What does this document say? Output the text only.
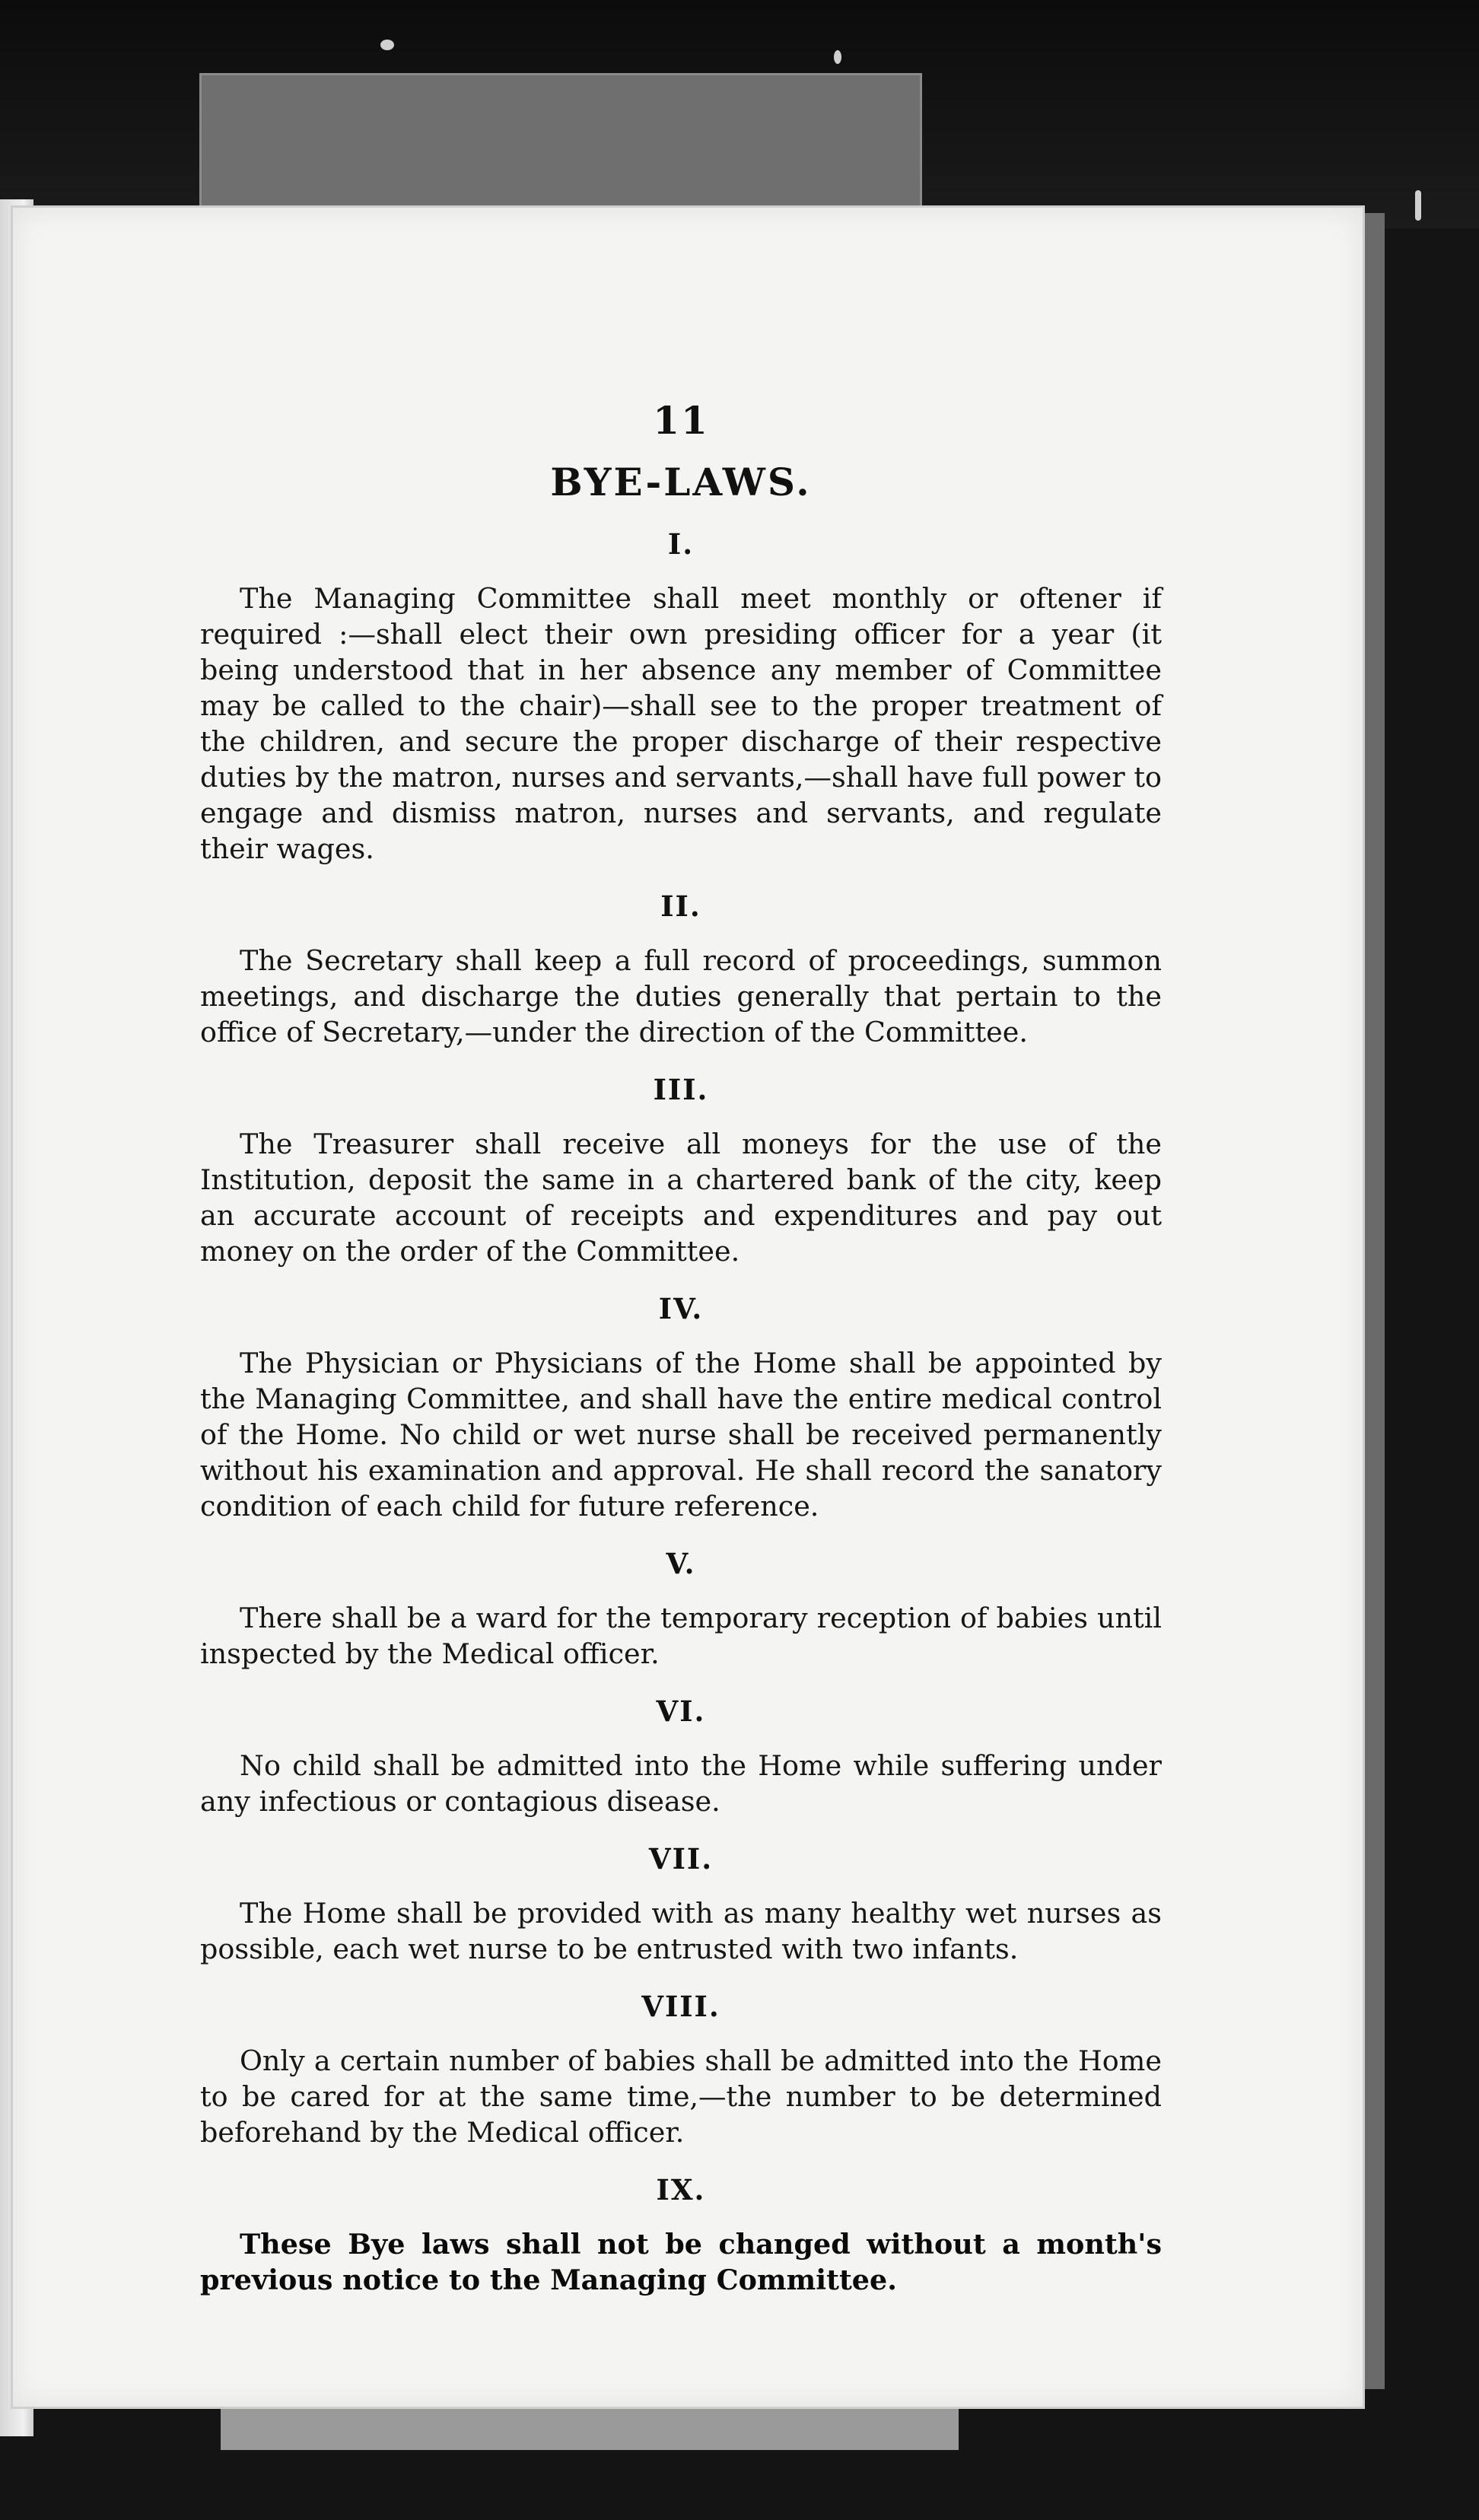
11
BYE-LAWS.
I.

The Managing Committee shall meet monthly or oftener if required :—shall elect their own presiding officer for a year (it being understood that in her absence any member of Committee may be called to the chair)—shall see to the proper treatment of the children, and secure the proper discharge of their respective duties by the matron, nurses and servants,—shall have full power to engage and dismiss matron, nurses and servants, and regulate their wages.

II.

The Secretary shall keep a full record of proceedings, summon meetings, and discharge the duties generally that pertain to the office of Secretary,—under the direction of the Committee.

III.

The Treasurer shall receive all moneys for the use of the Institution, deposit the same in a chartered bank of the city, keep an accurate account of receipts and expenditures and pay out money on the order of the Committee.

IV.

The Physician or Physicians of the Home shall be appointed by the Managing Committee, and shall have the entire medical control of the Home. No child or wet nurse shall be received permanently without his examination and approval. He shall record the sanatory condition of each child for future reference.

V.

There shall be a ward for the temporary reception of babies until inspected by the Medical officer.

VI.

No child shall be admitted into the Home while suffering under any infectious or contagious disease.

VII.

The Home shall be provided with as many healthy wet nurses as possible, each wet nurse to be entrusted with two infants.

VIII.

Only a certain number of babies shall be admitted into the Home to be cared for at the same time,—the number to be determined beforehand by the Medical officer.

IX.

These Bye laws shall not be changed without a month's previous notice to the Managing Committee.
